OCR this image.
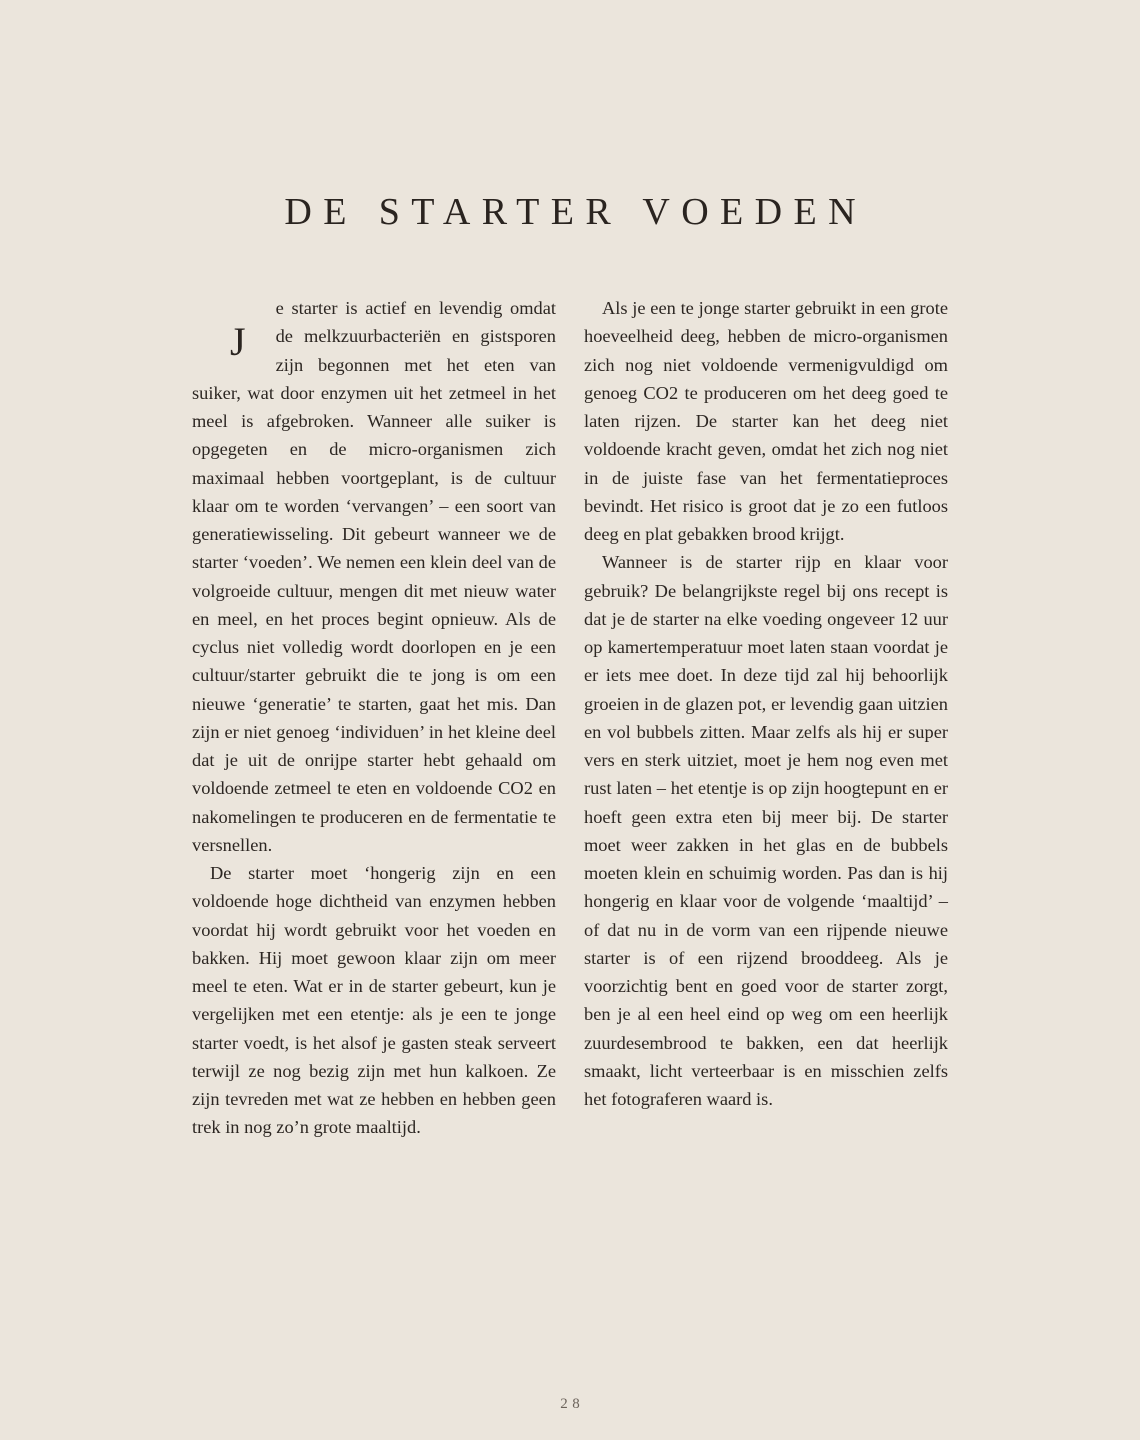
DE STARTER VOEDEN

J
e starter is actief en levendig omdat de melkzuurbacteriën en gistsporen zijn begonnen met het eten van suiker, wat door enzymen uit het zetmeel in het meel is afgebroken. Wanneer alle suiker is opgegeten en de micro-organismen zich maximaal hebben voortgeplant, is de cultuur klaar om te worden ‘vervangen’ – een soort van generatiewisseling. Dit gebeurt wanneer we de starter ‘voeden’. We nemen een klein deel van de volgroeide cultuur, mengen dit met nieuw water en meel, en het proces begint opnieuw. Als de cyclus niet volledig wordt doorlopen en je een cultuur/starter gebruikt die te jong is om een nieuwe ‘generatie’ te starten, gaat het mis. Dan zijn er niet genoeg ‘individuen’ in het kleine deel dat je uit de onrijpe starter hebt gehaald om voldoende zetmeel te eten en voldoende CO2 en nakomelingen te produceren en de fermentatie te versnellen.

De starter moet ‘hongerig zijn en een voldoende hoge dichtheid van enzymen hebben voordat hij wordt gebruikt voor het voeden en bakken. Hij moet gewoon klaar zijn om meer meel te eten. Wat er in de starter gebeurt, kun je vergelijken met een etentje: als je een te jonge starter voedt, is het alsof je gasten steak serveert terwijl ze nog bezig zijn met hun kalkoen. Ze zijn tevreden met wat ze hebben en hebben geen trek in nog zo’n grote maaltijd.

Als je een te jonge starter gebruikt in een grote hoeveelheid deeg, hebben de micro-organismen zich nog niet voldoende vermenigvuldigd om genoeg CO2 te produceren om het deeg goed te laten rijzen. De starter kan het deeg niet voldoende kracht geven, omdat het zich nog niet in de juiste fase van het fermentatieproces bevindt. Het risico is groot dat je zo een futloos deeg en plat gebakken brood krijgt.

Wanneer is de starter rijp en klaar voor gebruik? De belangrijkste regel bij ons recept is dat je de starter na elke voeding ongeveer 12 uur op kamertemperatuur moet laten staan voordat je er iets mee doet. In deze tijd zal hij behoorlijk groeien in de glazen pot, er levendig gaan uitzien en vol bubbels zitten. Maar zelfs als hij er super vers en sterk uitziet, moet je hem nog even met rust laten – het etentje is op zijn hoogtepunt en er hoeft geen extra eten bij meer bij. De starter moet weer zakken in het glas en de bubbels moeten klein en schuimig worden. Pas dan is hij hongerig en klaar voor de volgende ‘maaltijd’ – of dat nu in de vorm van een rijpende nieuwe starter is of een rijzend brooddeeg. Als je voorzichtig bent en goed voor de starter zorgt, ben je al een heel eind op weg om een heerlijk zuurdesembrood te bakken, een dat heerlijk smaakt, licht verteerbaar is en misschien zelfs het fotograferen waard is.

28
